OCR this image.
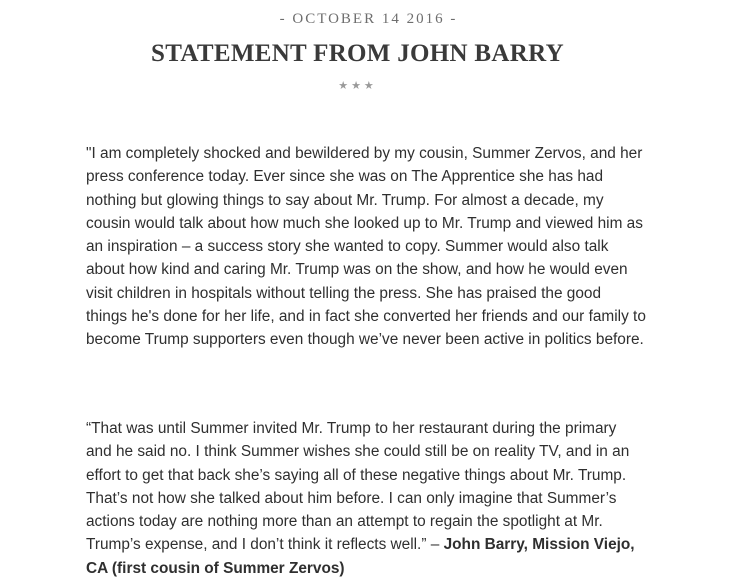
- OCTOBER 14 2016 -
STATEMENT FROM JOHN BARRY
★★★

"I am completely shocked and bewildered by my cousin, Summer Zervos, and her press conference today. Ever since she was on The Apprentice she has had nothing but glowing things to say about Mr. Trump. For almost a decade, my cousin would talk about how much she looked up to Mr. Trump and viewed him as an inspiration – a success story she wanted to copy. Summer would also talk about how kind and caring Mr. Trump was on the show, and how he would even visit children in hospitals without telling the press. She has praised the good things he's done for her life, and in fact she converted her friends and our family to become Trump supporters even though we’ve never been active in politics before.

“That was until Summer invited Mr. Trump to her restaurant during the primary and he said no. I think Summer wishes she could still be on reality TV, and in an effort to get that back she’s saying all of these negative things about Mr. Trump. That’s not how she talked about him before. I can only imagine that Summer’s actions today are nothing more than an attempt to regain the spotlight at Mr. Trump’s expense, and I don’t think it reflects well.” – John Barry, Mission Viejo, CA (first cousin of Summer Zervos)
